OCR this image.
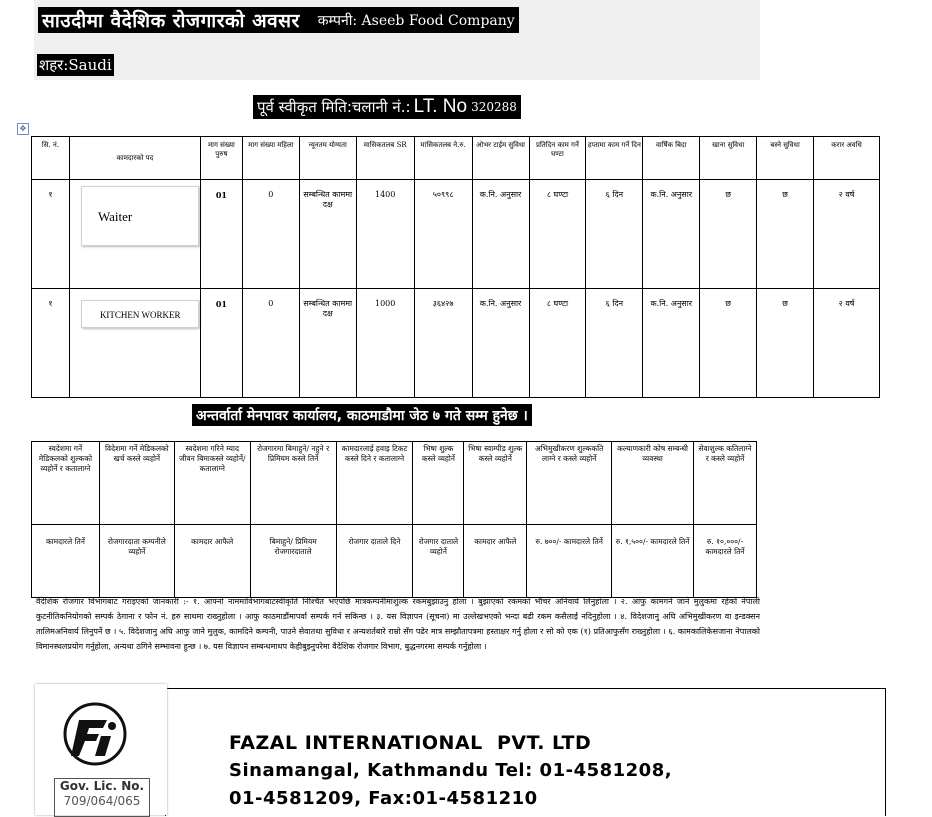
साउदीमा वैदेशिक रोजगारको अवसर कम्पनी: Aseeb Food Company
शहर: Saudi
पूर्व स्वीकृत मिति:चलानी नं.: LT. No 320288
✥
सि. नं.	कामदारको पद	माग संख्या पुरुष	माग संख्या महिला	न्यूनतम योग्यता	मासिकतलब SR	मासिकतलब ने.रु.	ओभर टाईम सुविधा	प्रतिदिन काम गर्ने घण्टा	हप्तामा काम गर्ने दिन	वार्षिक बिदा	खाना सुविधा	बस्ने सुविधा	करार अवधि
१	Waiter	01	0	सम्बन्धित काममा दक्ष	1400	५०९९८	क.नि. अनुसार	८ घण्टा	६ दिन	क.नि. अनुसार	छ	छ	२ वर्ष
१	KITCHEN WORKER	01	0	सम्बन्धित काममा दक्ष	1000	३६४२७	क.नि. अनुसार	८ घण्टा	६ दिन	क.नि. अनुसार	छ	छ	२ वर्ष
अन्तर्वार्ता मेनपावर कार्यालय, काठमाडौमा जेठ ७ गते सम्म हुनेछ ।
स्वदेशमा गर्ने मेडिकलको शुल्कको व्यहोर्ने र कतालाग्ने	विदेशमा गर्ने मेडिकलको खर्च कस्ले व्यहोर्ने	स्वदेशमा गरिने म्याद जीवन बिमाकस्ले व्यहोर्ने/ कतालाग्ने	रोजगारमा बिमाहुने/ नहुने र प्रिमियम कस्ले तिर्ने	कामदारलाई हवाइ टिकट कस्ले दिने र कतालाग्ने	भिषा शुल्क कस्ले व्यहोर्ने	भिषा स्वाम्पीड शुल्क कस्ले व्यहोर्ने	अभिमुखीकरण शुल्ककति लाग्ने र कस्ले व्यहोर्ने	कल्याणकारी कोष सम्बन्धी व्यवस्था	सेवाशुल्क कतिलाग्ने र कस्ले व्यहोर्ने
कामदारले तिर्ने	रोजगारदाता कम्पनीले व्यहोर्ने	कामदार आफैले	बिमाहुने/ प्रिमियम रोजगारदाताले	रोजगार दाताले दिने	रोजगार दाताले व्यहोर्ने	कामदार आफैले	रु. ७००/- कामदारले तिर्ने	रु. १,५००/- कामदारले तिर्ने	रु. १०,०००/- कामदारले तिर्ने
वैदेशिक रोजगार विभागबाट गराइएको जानकारी :- १. आफ्नो नाममाविभागबाटस्वीकृति निश्चित भएपछि मात्रकम्पनीमाशुल्क रकमबुझाउनु होला । बुझाएको रकमको भौचर अनिवार्य लिनुहोला । २. आफु कामगर्न जाने मुलुकमा रहेको नेपाली कुटनीतिकनियोगको सम्पर्क ठेगाना र फोन नं. हरु साथमा राख्नुहोला । आफु काठमाडौंमापर्वा सम्पर्क गर्न सकिन्छ । ३. यस विज्ञापन (सूचना) मा उल्लेखभएको भन्दा बढी रकम कसैलाई नदिनुहोला । ४. विदेशजानु अघि अभिमुखीकरण वा इन्डक्सन तालिमअनिवार्य लिनुपर्ने छ । ५. विदेशजानु अघि आफु जाने मुलुक, कामदिने कम्पनी, पाउने सेवातथा सुविधा र अन्यशर्तबारे राम्रो सँग पढेर मात्र सम्झौतापत्रमा हस्ताक्षर गर्नु होला र सो को एक (१) प्रतिआफुसँग राख्नुहोला । ६. कामकालिकेसजाना नेपालको विमानस्थलप्रयोग गर्नुहोला, अन्यथा ठगिने सम्भावना हुन्छ । ७. यस विज्ञापन सम्बन्धमाथप केहीबुझ्नुपरेमा वैदेशिक रोजगार विभाग, बुद्धनगरमा सम्पर्क गर्नुहोला ।
Gov. Lic. No.
709/064/065
FAZAL INTERNATIONAL  PVT. LTD
Sinamangal, Kathmandu Tel: 01-4581208,
01-4581209, Fax:01-4581210
